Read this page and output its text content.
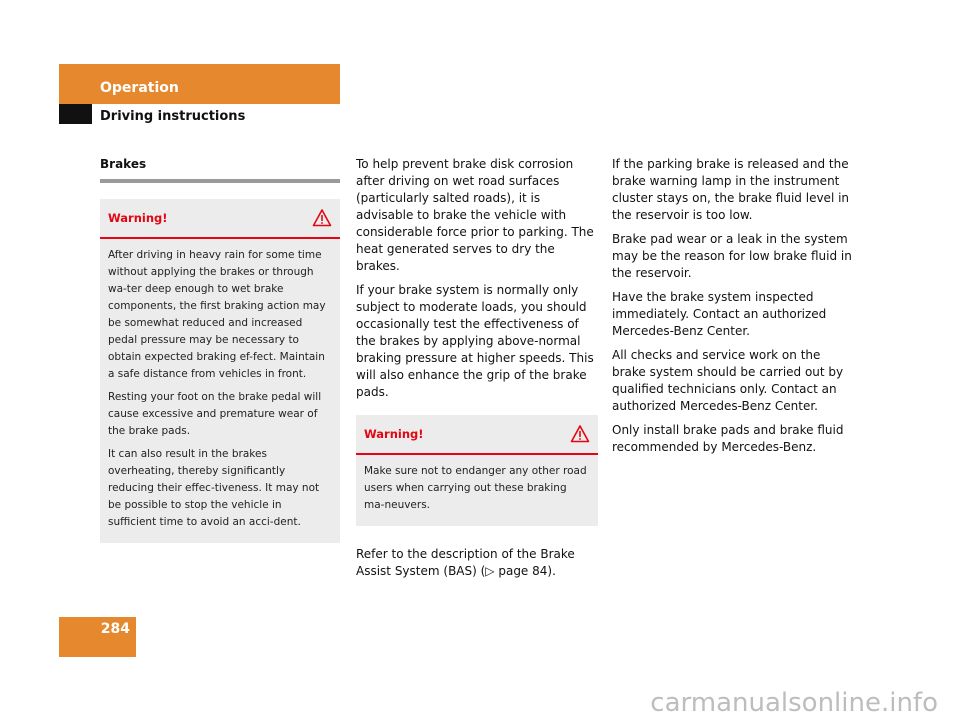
Operation
Driving instructions
Brakes
Warning!

After driving in heavy rain for some time without applying the brakes or through wa-ter deep enough to wet brake components, the first braking action may be somewhat reduced and increased pedal pressure may be necessary to obtain expected braking ef-fect. Maintain a safe distance from vehicles in front.

Resting your foot on the brake pedal will cause excessive and premature wear of the brake pads.

It can also result in the brakes overheating, thereby significantly reducing their effec-tiveness. It may not be possible to stop the vehicle in sufficient time to avoid an acci-dent.

To help prevent brake disk corrosion after driving on wet road surfaces (particularly salted roads), it is advisable to brake the vehicle with considerable force prior to parking. The heat generated serves to dry the brakes.

If your brake system is normally only subject to moderate loads, you should occasionally test the effectiveness of the brakes by applying above-normal braking pressure at higher speeds. This will also enhance the grip of the brake pads.

Warning!

Make sure not to endanger any other road users when carrying out these braking ma-neuvers.

Refer to the description of the Brake Assist System (BAS) (▷ page 84).

If the parking brake is released and the brake warning lamp in the instrument cluster stays on, the brake fluid level in the reservoir is too low.

Brake pad wear or a leak in the system may be the reason for low brake fluid in the reservoir.

Have the brake system inspected immediately. Contact an authorized Mercedes-Benz Center.

All checks and service work on the brake system should be carried out by qualified technicians only. Contact an authorized Mercedes-Benz Center.

Only install brake pads and brake fluid recommended by Mercedes-Benz.

284
carmanualsonline.info
